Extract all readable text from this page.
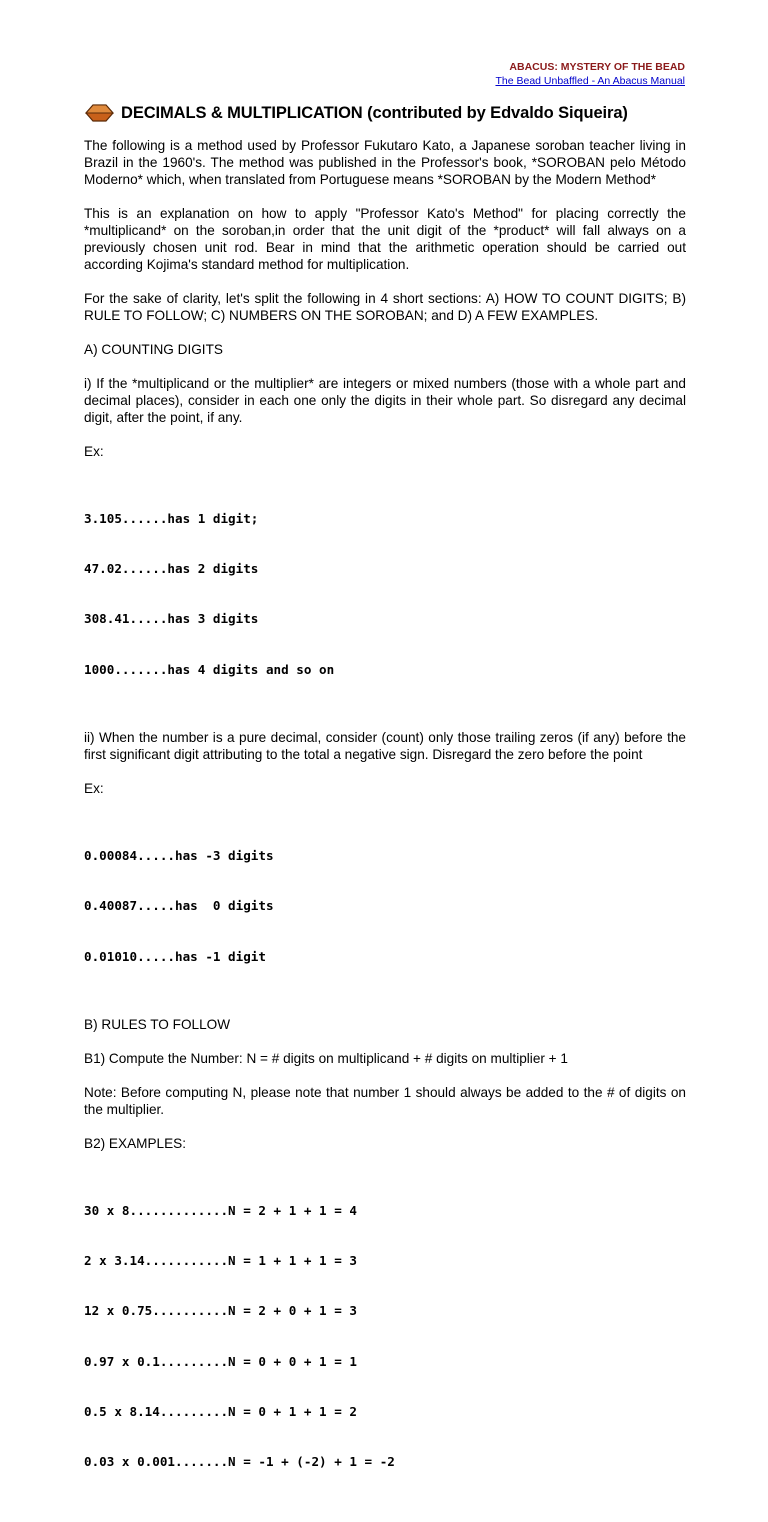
ABACUS: MYSTERY OF THE BEAD
The Bead Unbaffled - An Abacus Manual
DECIMALS & MULTIPLICATION (contributed by Edvaldo Siqueira)

The following is a method used by Professor Fukutaro Kato, a Japanese soroban teacher living in Brazil in the 1960's. The method was published in the Professor's book, *SOROBAN pelo Método Moderno* which, when translated from Portuguese means *SOROBAN by the Modern Method*

This is an explanation on how to apply "Professor Kato's Method" for placing correctly the *multiplicand* on the soroban,in order that the unit digit of the *product* will fall always on a previously chosen unit rod. Bear in mind that the arithmetic operation should be carried out according Kojima's standard method for multiplication.

For the sake of clarity, let's split the following in 4 short sections: A) HOW TO COUNT DIGITS; B) RULE TO FOLLOW; C) NUMBERS ON THE SOROBAN; and D) A FEW EXAMPLES.

A) COUNTING DIGITS

i) If the *multiplicand or the multiplier* are integers or mixed numbers (those with a whole part and decimal places), consider in each one only the digits in their whole part. So disregard any decimal digit, after the point, if any.

Ex:

3.105......has 1 digit;

47.02......has 2 digits

308.41.....has 3 digits

1000.......has 4 digits and so on

ii) When the number is a pure decimal, consider (count) only those trailing zeros (if any) before the first significant digit attributing to the total a negative sign. Disregard the zero before the point

Ex:

0.00084.....has -3 digits

0.40087.....has  0 digits

0.01010.....has -1 digit

B) RULES TO FOLLOW

B1) Compute the Number: N = # digits on multiplicand + # digits on multiplier + 1

Note: Before computing N, please note that number 1 should always be added to the # of digits on the multiplier.

B2) EXAMPLES:

30 x 8.............N = 2 + 1 + 1 = 4

2 x 3.14...........N = 1 + 1 + 1 = 3

12 x 0.75..........N = 2 + 0 + 1 = 3

0.97 x 0.1.........N = 0 + 0 + 1 = 1

0.5 x 8.14.........N = 0 + 1 + 1 = 2

0.03 x 0.001.......N = -1 + (-2) + 1 = -2
